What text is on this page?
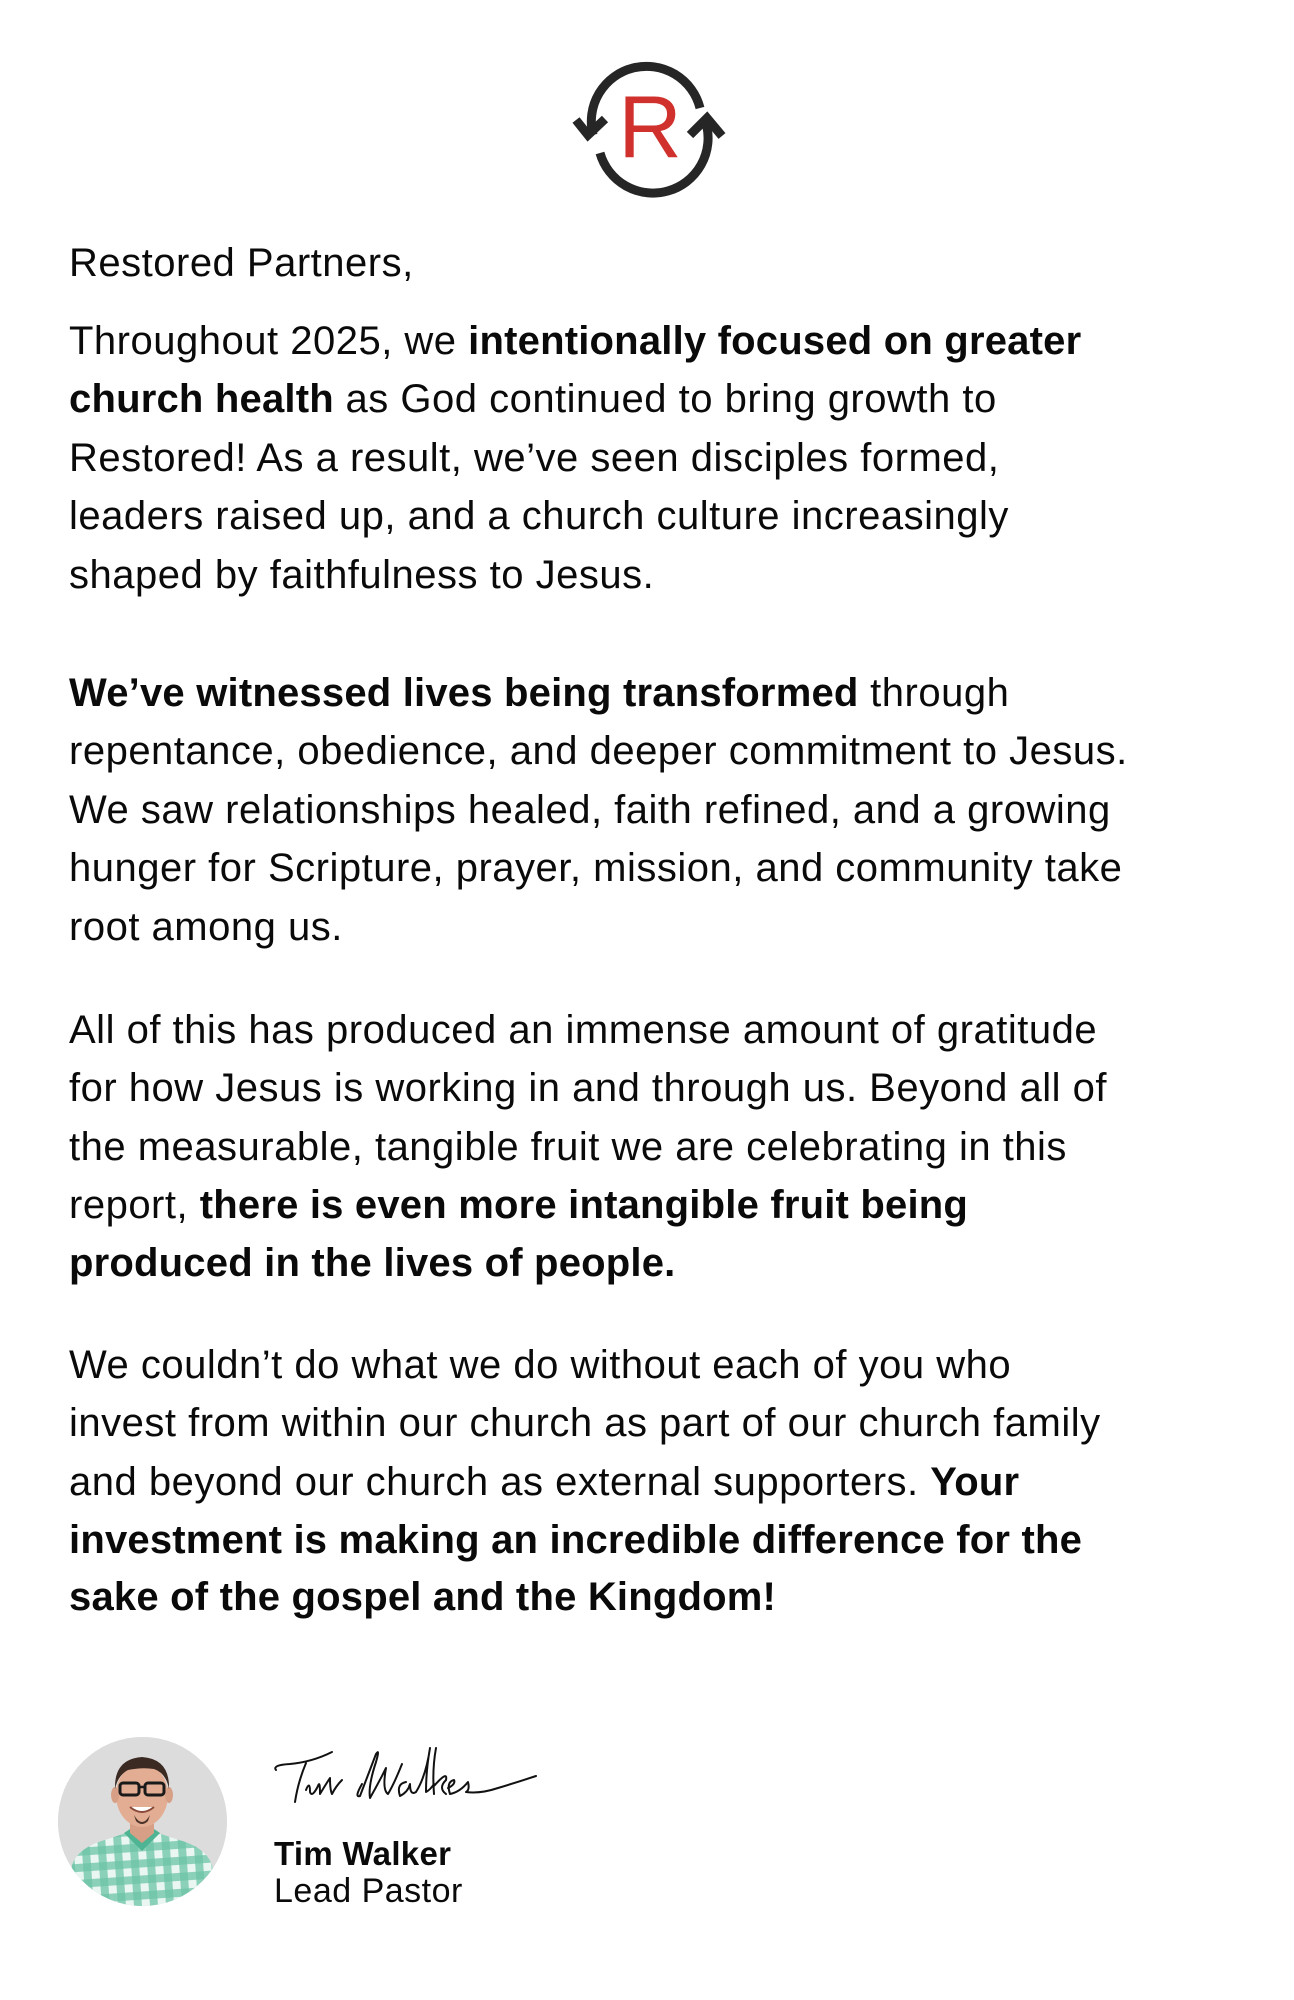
R
Restored Partners,
Throughout 2025, we intentionally focused on greater
church health as God continued to bring growth to
Restored! As a result, we’ve seen disciples formed,
leaders raised up, and a church culture increasingly
shaped by faithfulness to Jesus.
We’ve witnessed lives being transformed through
repentance, obedience, and deeper commitment to Jesus.
We saw relationships healed, faith refined, and a growing
hunger for Scripture, prayer, mission, and community take
root among us.
All of this has produced an immense amount of gratitude
for how Jesus is working in and through us. Beyond all of
the measurable, tangible fruit we are celebrating in this
report, there is even more intangible fruit being
produced in the lives of people.
We couldn’t do what we do without each of you who
invest from within our church as part of our church family
and beyond our church as external supporters. Your
investment is making an incredible difference for the
sake of the gospel and the Kingdom!
Tim Walker
Lead Pastor
